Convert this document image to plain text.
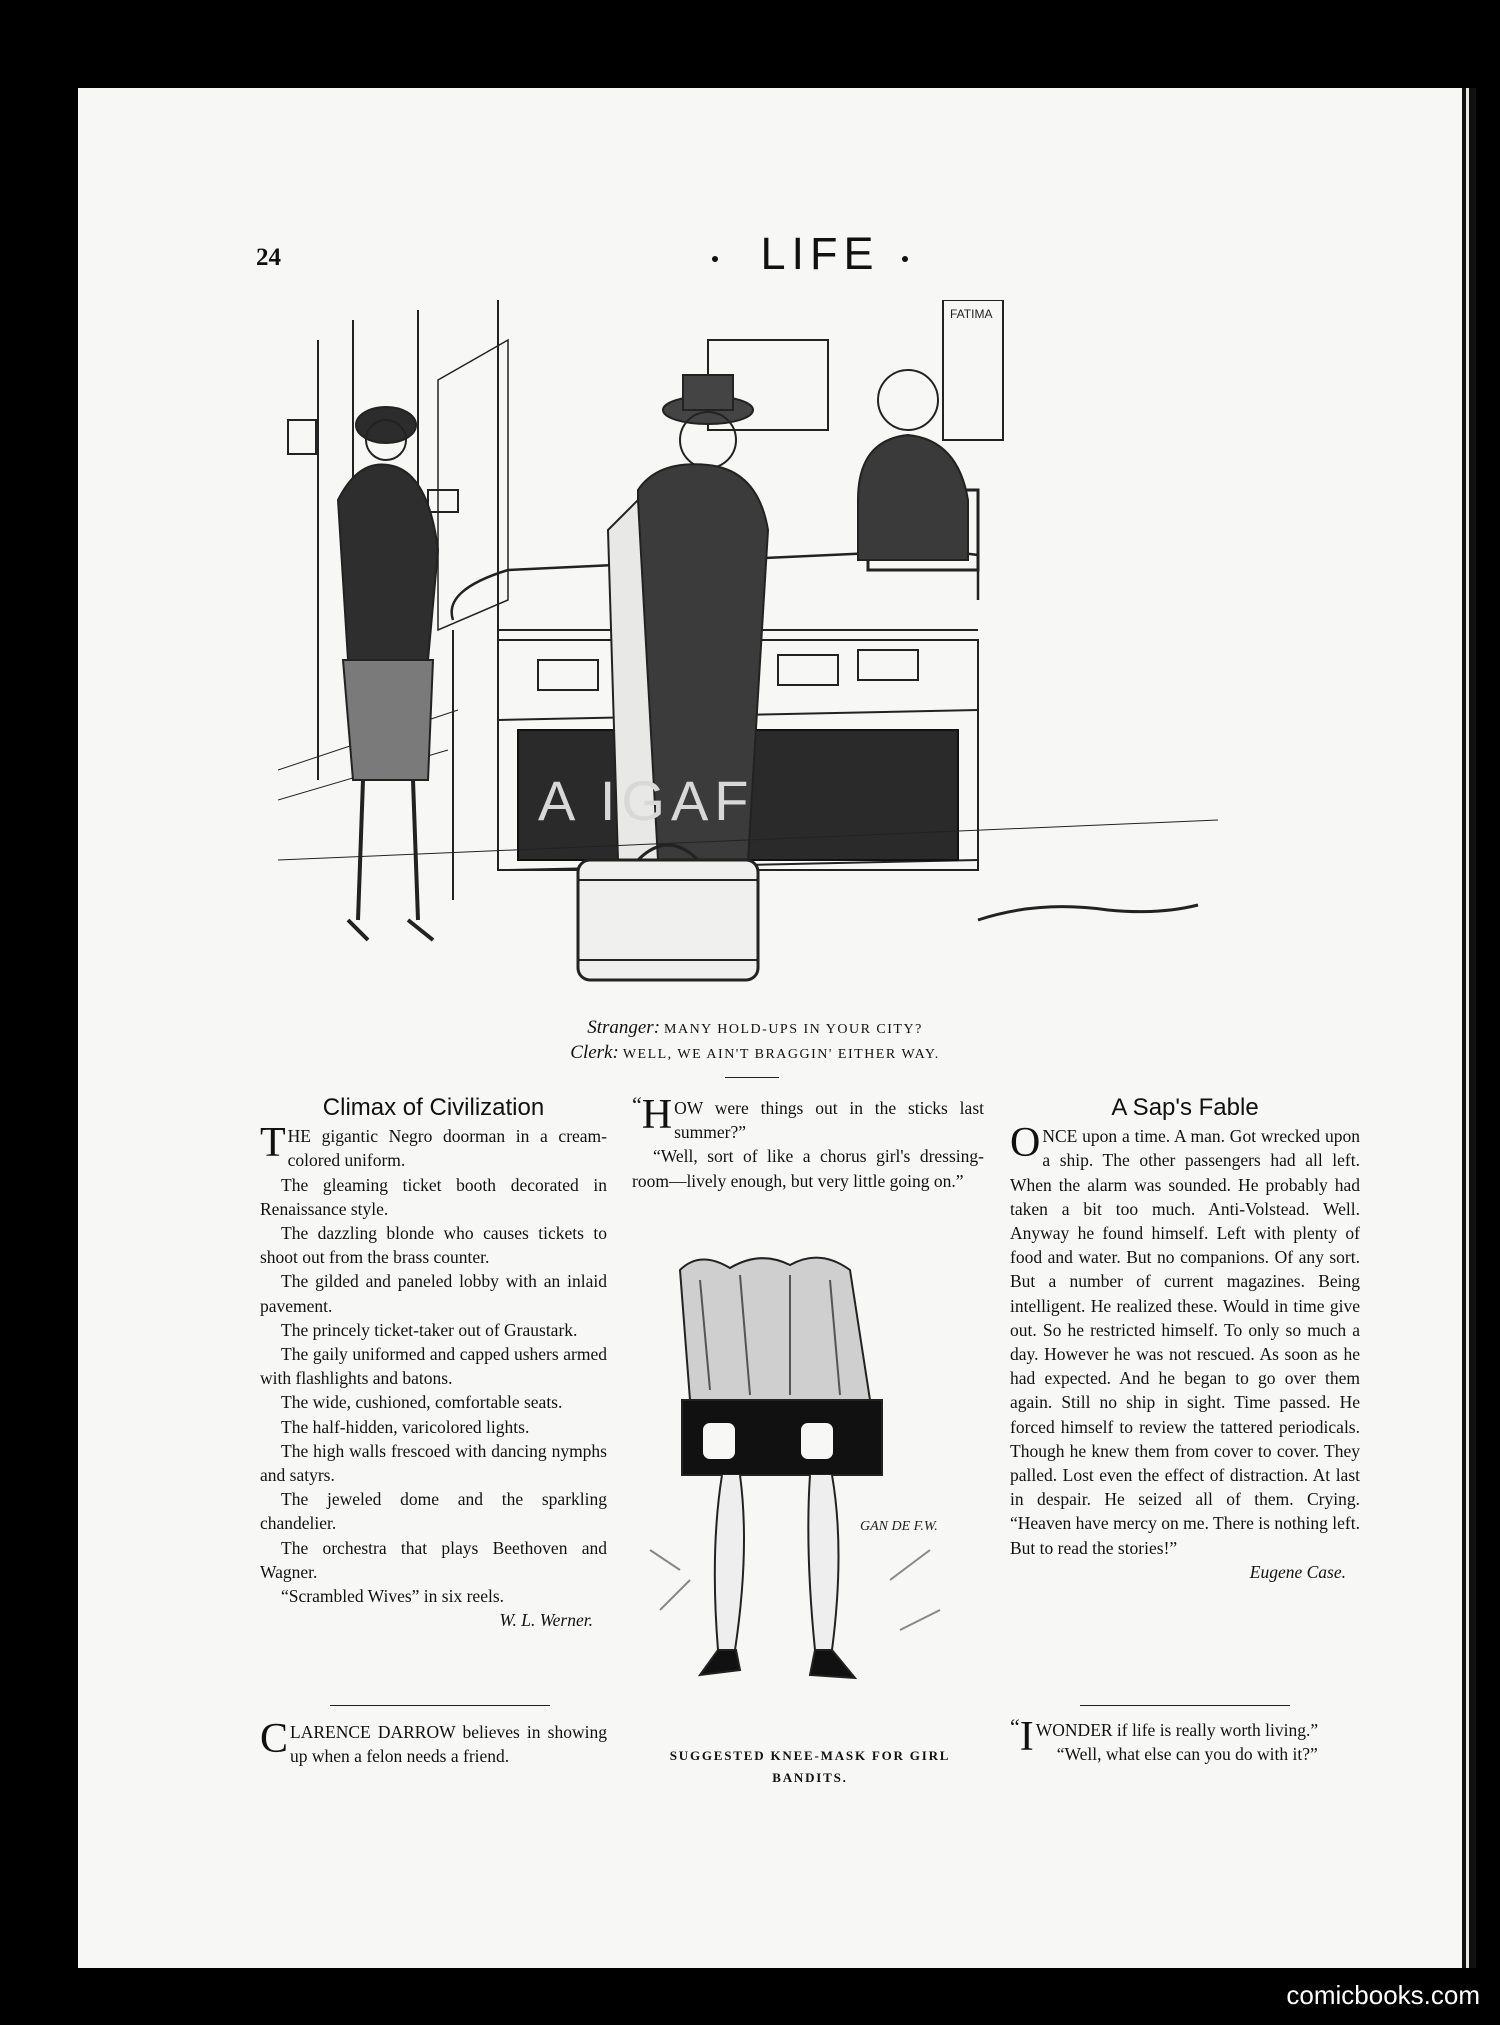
24	LIFE
FATIMA
A IGAF
Stranger: MANY HOLD-UPS IN YOUR CITY?
Clerk: WELL, WE AIN'T BRAGGIN' EITHER WAY.
Climax of Civilization

THE gigantic Negro doorman in a cream-colored uniform.

The gleaming ticket booth decorated in Renaissance style.

The dazzling blonde who causes tickets to shoot out from the brass counter.

The gilded and paneled lobby with an inlaid pavement.

The princely ticket-taker out of Graustark.

The gaily uniformed and capped ushers armed with flashlights and batons.

The wide, cushioned, comfortable seats.

The half-hidden, varicolored lights.

The high walls frescoed with dancing nymphs and satyrs.

The jeweled dome and the sparkling chandelier.

The orchestra that plays Beethoven and Wagner.

“Scrambled Wives” in six reels.

W. L. Werner.

CLARENCE DARROW believes in showing up when a felon needs a friend.

“ H OW were things out in the sticks last summer?”

“Well, sort of like a chorus girl's dressing-room—lively enough, but very little going on.”

GAN DE F.W.
SUGGESTED KNEE-MASK FOR GIRL BANDITS.
A Sap's Fable

ONCE upon a time. A man. Got wrecked upon a ship. The other passengers had all left. When the alarm was sounded. He probably had taken a bit too much. Anti-Volstead. Well. Anyway he found himself. Left with plenty of food and water. But no companions. Of any sort. But a number of current magazines. Being intelligent. He realized these. Would in time give out. So he restricted himself. To only so much a day. However he was not rescued. As soon as he had expected. And he began to go over them again. Still no ship in sight. Time passed. He forced himself to review the tattered periodicals. Though he knew them from cover to cover. They palled. Lost even the effect of distraction. At last in despair. He seized all of them. Crying. “Heaven have mercy on me. There is nothing left. But to read the stories!”

Eugene Case.

“ I WONDER if life is really worth living.”

“Well, what else can you do with it?”

comicbooks.com
